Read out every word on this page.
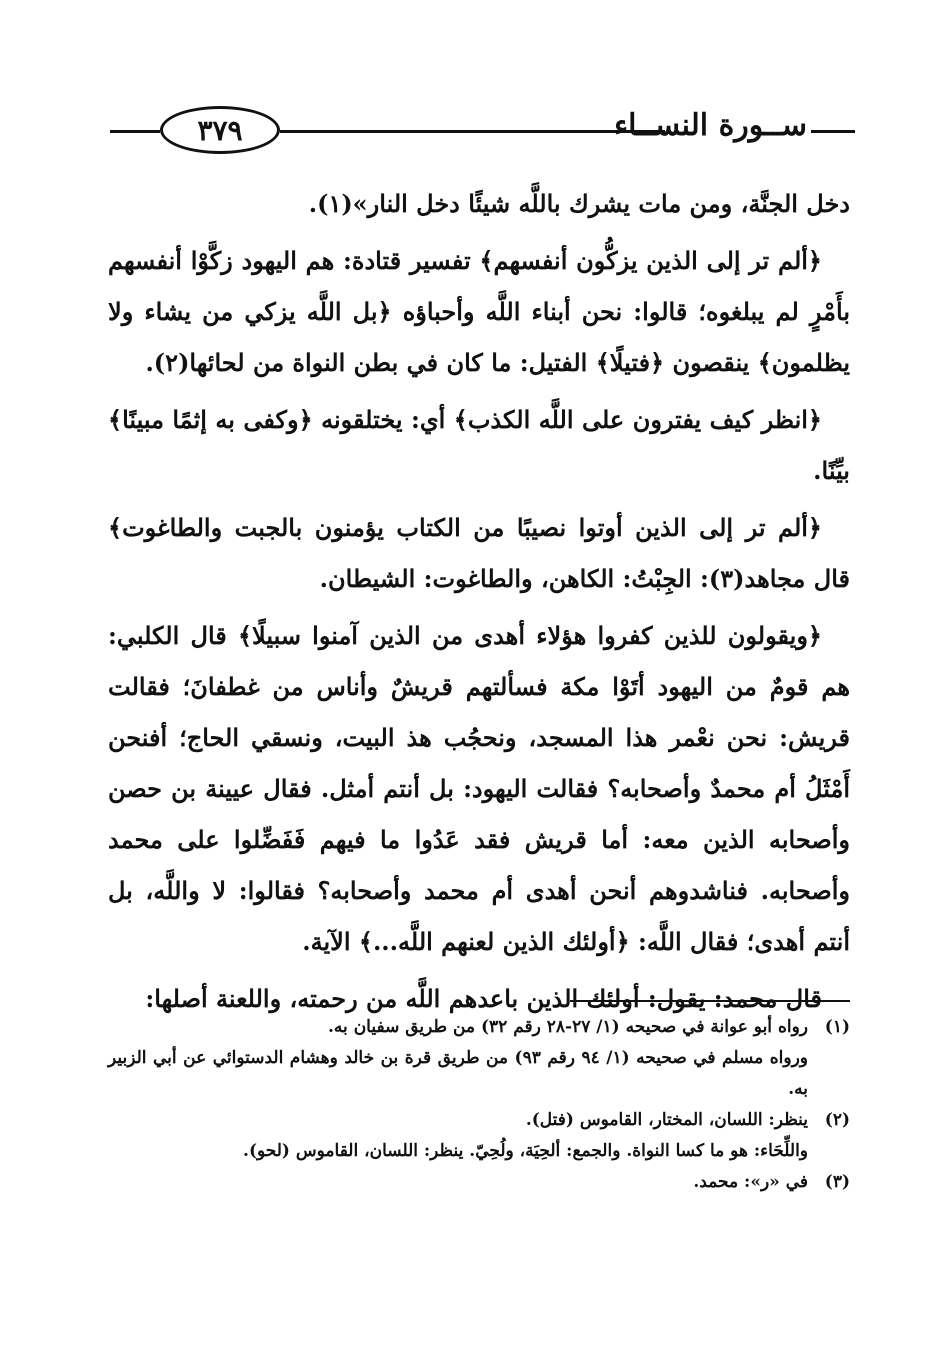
٣٧٩	ســورة النســاء

دخل الجنَّة، ومن مات يشرك باللَّه شيئًا دخل النار»(١).

﴿ألم تر إلى الذين يزكُّون أنفسهم﴾ تفسير قتادة: هم اليهود زكَّوْا أنفسهم بأَمْرٍ لم يبلغوه؛ قالوا: نحن أبناء اللَّه وأحباؤه ﴿بل اللَّه يزكي من يشاء ولا يظلمون﴾ ينقصون ﴿فتيلًا﴾ الفتيل: ما كان في بطن النواة من لحائها(٢).

﴿انظر كيف يفترون على اللَّه الكذب﴾ أي: يختلقونه ﴿وكفى به إثمًا مبينًا﴾ بيِّنًا.

﴿ألم تر إلى الذين أوتوا نصيبًا من الكتاب يؤمنون بالجبت والطاغوت﴾ قال مجاهد(٣): الجِبْتُ: الكاهن، والطاغوت: الشيطان.

﴿ويقولون للذين كفروا هؤلاء أهدى من الذين آمنوا سبيلًا﴾ قال الكلبي: هم قومٌ من اليهود أتَوْا مكة فسألتهم قريشٌ وأناس من غطفانَ؛ فقالت قريش: نحن نعْمر هذا المسجد، ونحجُب هذ البيت، ونسقي الحاج؛ أفنحن أَمْثَلُ أم محمدٌ وأصحابه؟ فقالت اليهود: بل أنتم أمثل. فقال عيينة بن حصن وأصحابه الذين معه: أما قريش فقد عَدُوا ما فيهم فَفَضِّلوا على محمد وأصحابه. فناشدوهم أنحن أهدى أم محمد وأصحابه؟ فقالوا: لا واللَّه، بل أنتم أهدى؛ فقال اللَّه: ﴿أولئك الذين لعنهم اللَّه...﴾ الآية.

قال محمد: يقول: أولئك الذين باعدهم اللَّه من رحمته، واللعنة أصلها:

(١)
رواه أبو عوانة في صحيحه (١/ ٢٧-٢٨ رقم ٣٢) من طريق سفيان به.

ورواه مسلم في صحيحه (١/ ٩٤ رقم ٩٣) من طريق قرة بن خالد وهشام الدستوائي عن أبي الزبير به.

(٢)
ينظر: اللسان، المختار، القاموس (فتل).

واللِّحَاء: هو ما كسا النواة. والجمع: ألحِيَة، ولُحِيّ. ينظر: اللسان، القاموس (لحو).

(٣)
في «ر»: محمد.
